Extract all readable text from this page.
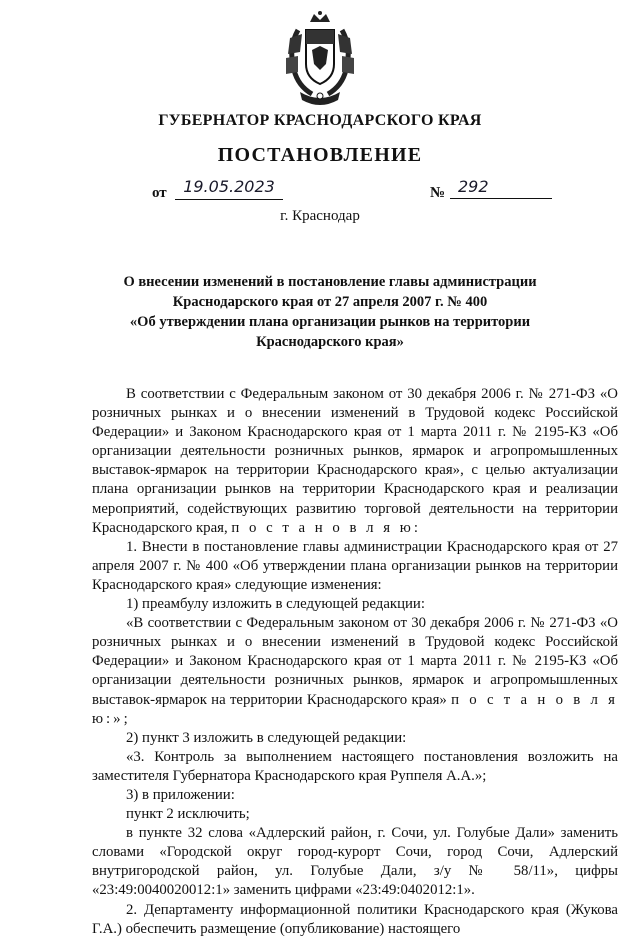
ГУБЕРНАТОР КРАСНОДАРСКОГО КРАЯ
ПОСТАНОВЛЕНИЕ
от	19.05.2023	№ 292
г. Краснодар
О внесении изменений в постановление главы администрации
Краснодарского края от 27 апреля 2007 г. № 400
«Об утверждении плана организации рынков на территории
Краснодарского края»

В соответствии с Федеральным законом от 30 декабря 2006 г. № 271-ФЗ «О розничных рынках и о внесении изменений в Трудовой кодекс Российской Федерации» и Законом Краснодарского края от 1 марта 2011 г. № 2195-КЗ «Об организации деятельности розничных рынков, ярмарок и агропромышленных выставок-ярмарок на территории Краснодарского края», с целью актуализации плана организации рынков на территории Краснодарского края и реализации мероприятий, содействующих развитию торговой деятельности на территории Краснодарского края, п о с т а н о в л я ю:

1. Внести в постановление главы администрации Краснодарского края от 27 апреля 2007 г. № 400 «Об утверждении плана организации рынков на территории Краснодарского края» следующие изменения:

1) преамбулу изложить в следующей редакции:

«В соответствии с Федеральным законом от 30 декабря 2006 г. № 271-ФЗ «О розничных рынках и о внесении изменений в Трудовой кодекс Российской Федерации» и Законом Краснодарского края от 1 марта 2011 г. № 2195-КЗ «Об организации деятельности розничных рынков, ярмарок и агропромышленных выставок-ярмарок на территории Краснодарского края» п о с т а н о в л я ю:»;

2) пункт 3 изложить в следующей редакции:

«3. Контроль за выполнением настоящего постановления возложить на заместителя Губернатора Краснодарского края Руппеля А.А.»;

3) в приложении:

пункт 2 исключить;

в пункте 32 слова «Адлерский район, г. Сочи, ул. Голубые Дали» заменить словами «Городской округ город-курорт Сочи, город Сочи, Адлерский внутригородской район, ул. Голубые Дали, з/у № 58/11», цифры «23:49:0040020012:1» заменить цифрами «23:49:0402012:1».

2. Департаменту информационной политики Краснодарского края (Жукова Г.А.) обеспечить размещение (опубликование) настоящего
